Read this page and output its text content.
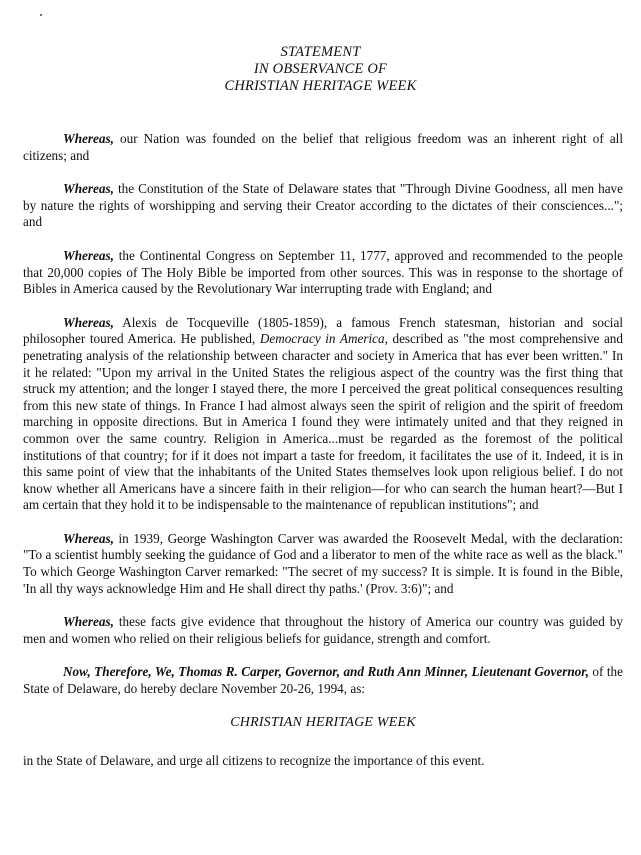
STATEMENT
IN OBSERVANCE OF
CHRISTIAN HERITAGE WEEK

Whereas, our Nation was founded on the belief that religious freedom was an inherent right of all citizens; and

Whereas, the Constitution of the State of Delaware states that "Through Divine Goodness, all men have by nature the rights of worshipping and serving their Creator according to the dictates of their consciences..."; and

Whereas, the Continental Congress on September 11, 1777, approved and recommended to the people that 20,000 copies of The Holy Bible be imported from other sources. This was in response to the shortage of Bibles in America caused by the Revolutionary War interrupting trade with England; and

Whereas, Alexis de Tocqueville (1805-1859), a famous French statesman, historian and social philosopher toured America. He published, Democracy in America, described as "the most comprehensive and penetrating analysis of the relationship between character and society in America that has ever been written." In it he related: "Upon my arrival in the United States the religious aspect of the country was the first thing that struck my attention; and the longer I stayed there, the more I perceived the great political consequences resulting from this new state of things. In France I had almost always seen the spirit of religion and the spirit of freedom marching in opposite directions. But in America I found they were intimately united and that they reigned in common over the same country. Religion in America...must be regarded as the foremost of the political institutions of that country; for if it does not impart a taste for freedom, it facilitates the use of it. Indeed, it is in this same point of view that the inhabitants of the United States themselves look upon religious belief. I do not know whether all Americans have a sincere faith in their religion—for who can search the human heart?—But I am certain that they hold it to be indispensable to the maintenance of republican institutions"; and

Whereas, in 1939, George Washington Carver was awarded the Roosevelt Medal, with the declaration: "To a scientist humbly seeking the guidance of God and a liberator to men of the white race as well as the black." To which George Washington Carver remarked: "The secret of my success? It is simple. It is found in the Bible, 'In all thy ways acknowledge Him and He shall direct thy paths.' (Prov. 3:6)"; and

Whereas, these facts give evidence that throughout the history of America our country was guided by men and women who relied on their religious beliefs for guidance, strength and comfort.

Now, Therefore, We, Thomas R. Carper, Governor, and Ruth Ann Minner, Lieutenant Governor, of the State of Delaware, do hereby declare November 20-26, 1994, as:

CHRISTIAN HERITAGE WEEK

in the State of Delaware, and urge all citizens to recognize the importance of this event.
